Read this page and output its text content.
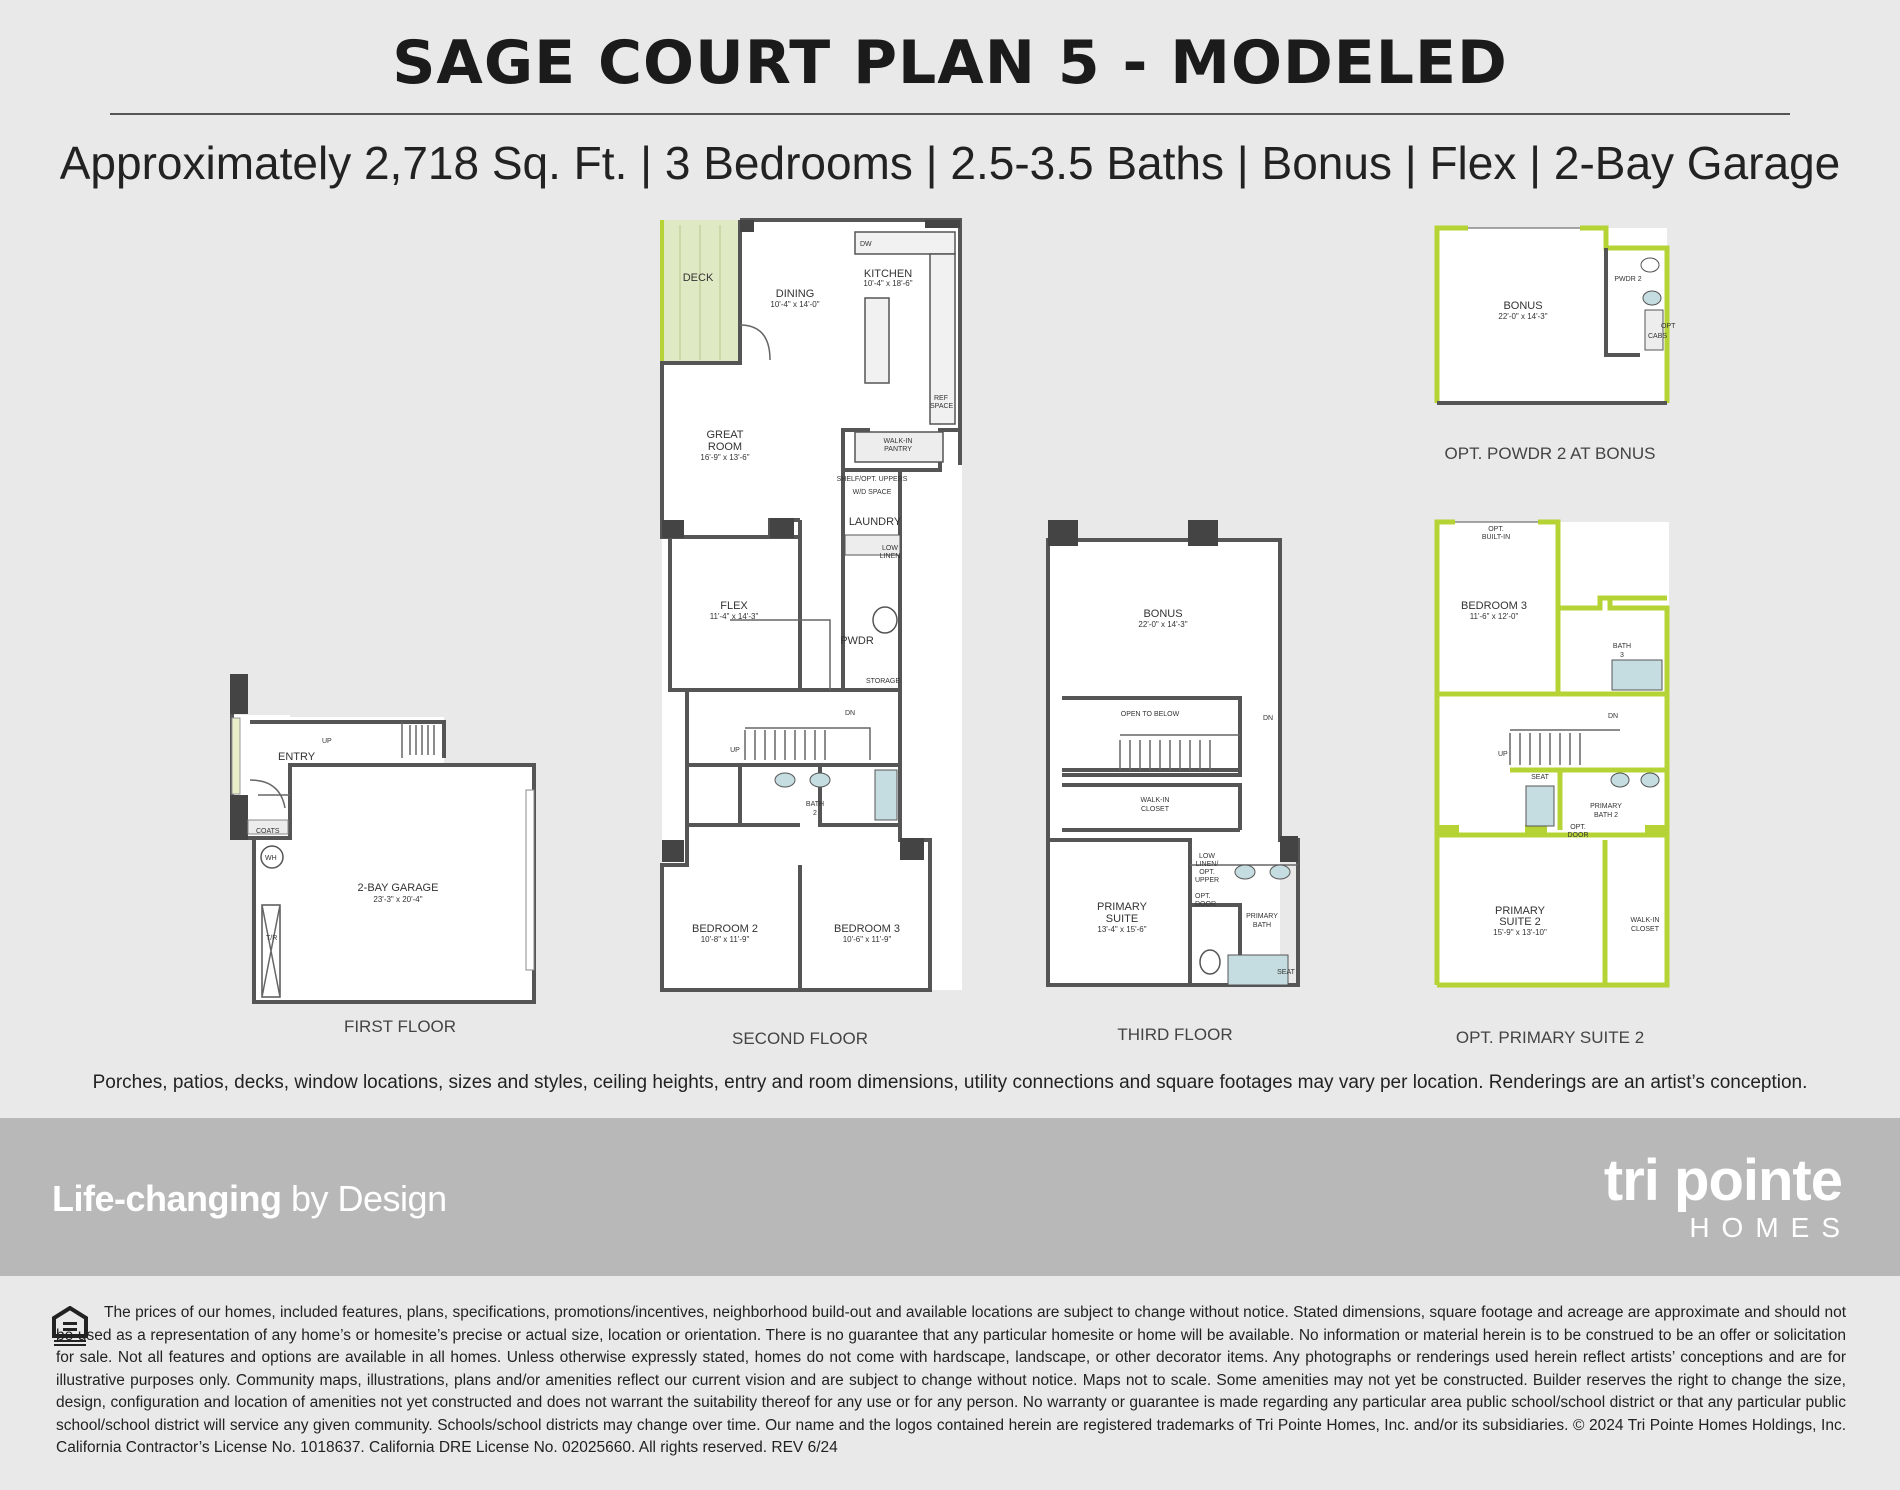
SAGE COURT PLAN 5 - MODELED
Approximately 2,718 Sq. Ft. | 3 Bedrooms | 2.5-3.5 Baths | Bonus | Flex | 2-Bay Garage
ENTRY
UP
COATS
WH
T/R
2-BAY GARAGE
23'-3" x 20'-4"
FIRST FLOOR
DECK
DINING
10'-4" x 14'-0"
KITCHEN
10'-4" x 18'-6"
DW
REF
SPACE
GREAT
ROOM
16'-9" x 13'-6"
WALK-IN
PANTRY
SHELF/OPT. UPPERS
W/D SPACE
LAUNDRY
LOW
LINEN
FLEX
11'-4" x 14'-3"
PWDR
STORAGE
DN
UP
BATH
2
BEDROOM 2
10'-8" x 11'-9"
BEDROOM 3
10'-6" x 11'-9"
SECOND FLOOR
BONUS
22'-0" x 14'-3"
OPEN TO BELOW
DN
WALK-IN
CLOSET
PRIMARY
SUITE
13'-4" x 15'-6"
LOW
LINEN/
OPT.
UPPER
OPT.
DOOR
PRIMARY
BATH
SEAT
THIRD FLOOR
BONUS
22'-0" x 14'-3"
PWDR 2
OPT
CABS
OPT. POWDR 2 AT BONUS
OPT.
BUILT-IN
BEDROOM 3
11'-6" x 12'-0"
BATH
3
DN
UP
SEAT
PRIMARY
BATH 2
OPT.
DOOR
PRIMARY
SUITE 2
15'-9" x 13'-10"
WALK-IN
CLOSET
OPT. PRIMARY SUITE 2
Porches, patios, decks, window locations, sizes and styles, ceiling heights, entry and room dimensions, utility connections and square footages may vary per location. Renderings are an artist’s conception.
Life-changing by Design	tri pointe
HOMES
The prices of our homes, included features, plans, specifications, promotions/incentives, neighborhood build-out and available locations are subject to change without notice. Stated dimensions, square footage and acreage are approximate and should not be used as a representation of any home’s or homesite’s precise or actual size, location or orientation. There is no guarantee that any particular homesite or home will be available. No information or material herein is to be construed to be an offer or solicitation for sale. Not all features and options are available in all homes. Unless otherwise expressly stated, homes do not come with hardscape, landscape, or other decorator items. Any photographs or renderings used herein reflect artists’ conceptions and are for illustrative purposes only. Community maps, illustrations, plans and/or amenities reflect our current vision and are subject to change without notice. Maps not to scale. Some amenities may not yet be constructed. Builder reserves the right to change the size, design, configuration and location of amenities not yet constructed and does not warrant the suitability thereof for any use or for any person. No warranty or guarantee is made regarding any particular area public school/school district or that any particular public school/school district will service any given community. Schools/school districts may change over time. Our name and the logos contained herein are registered trademarks of Tri Pointe Homes, Inc. and/or its subsidiaries. © 2024 Tri Pointe Homes Holdings, Inc. California Contractor’s License No. 1018637. California DRE License No. 02025660. All rights reserved. REV 6/24
